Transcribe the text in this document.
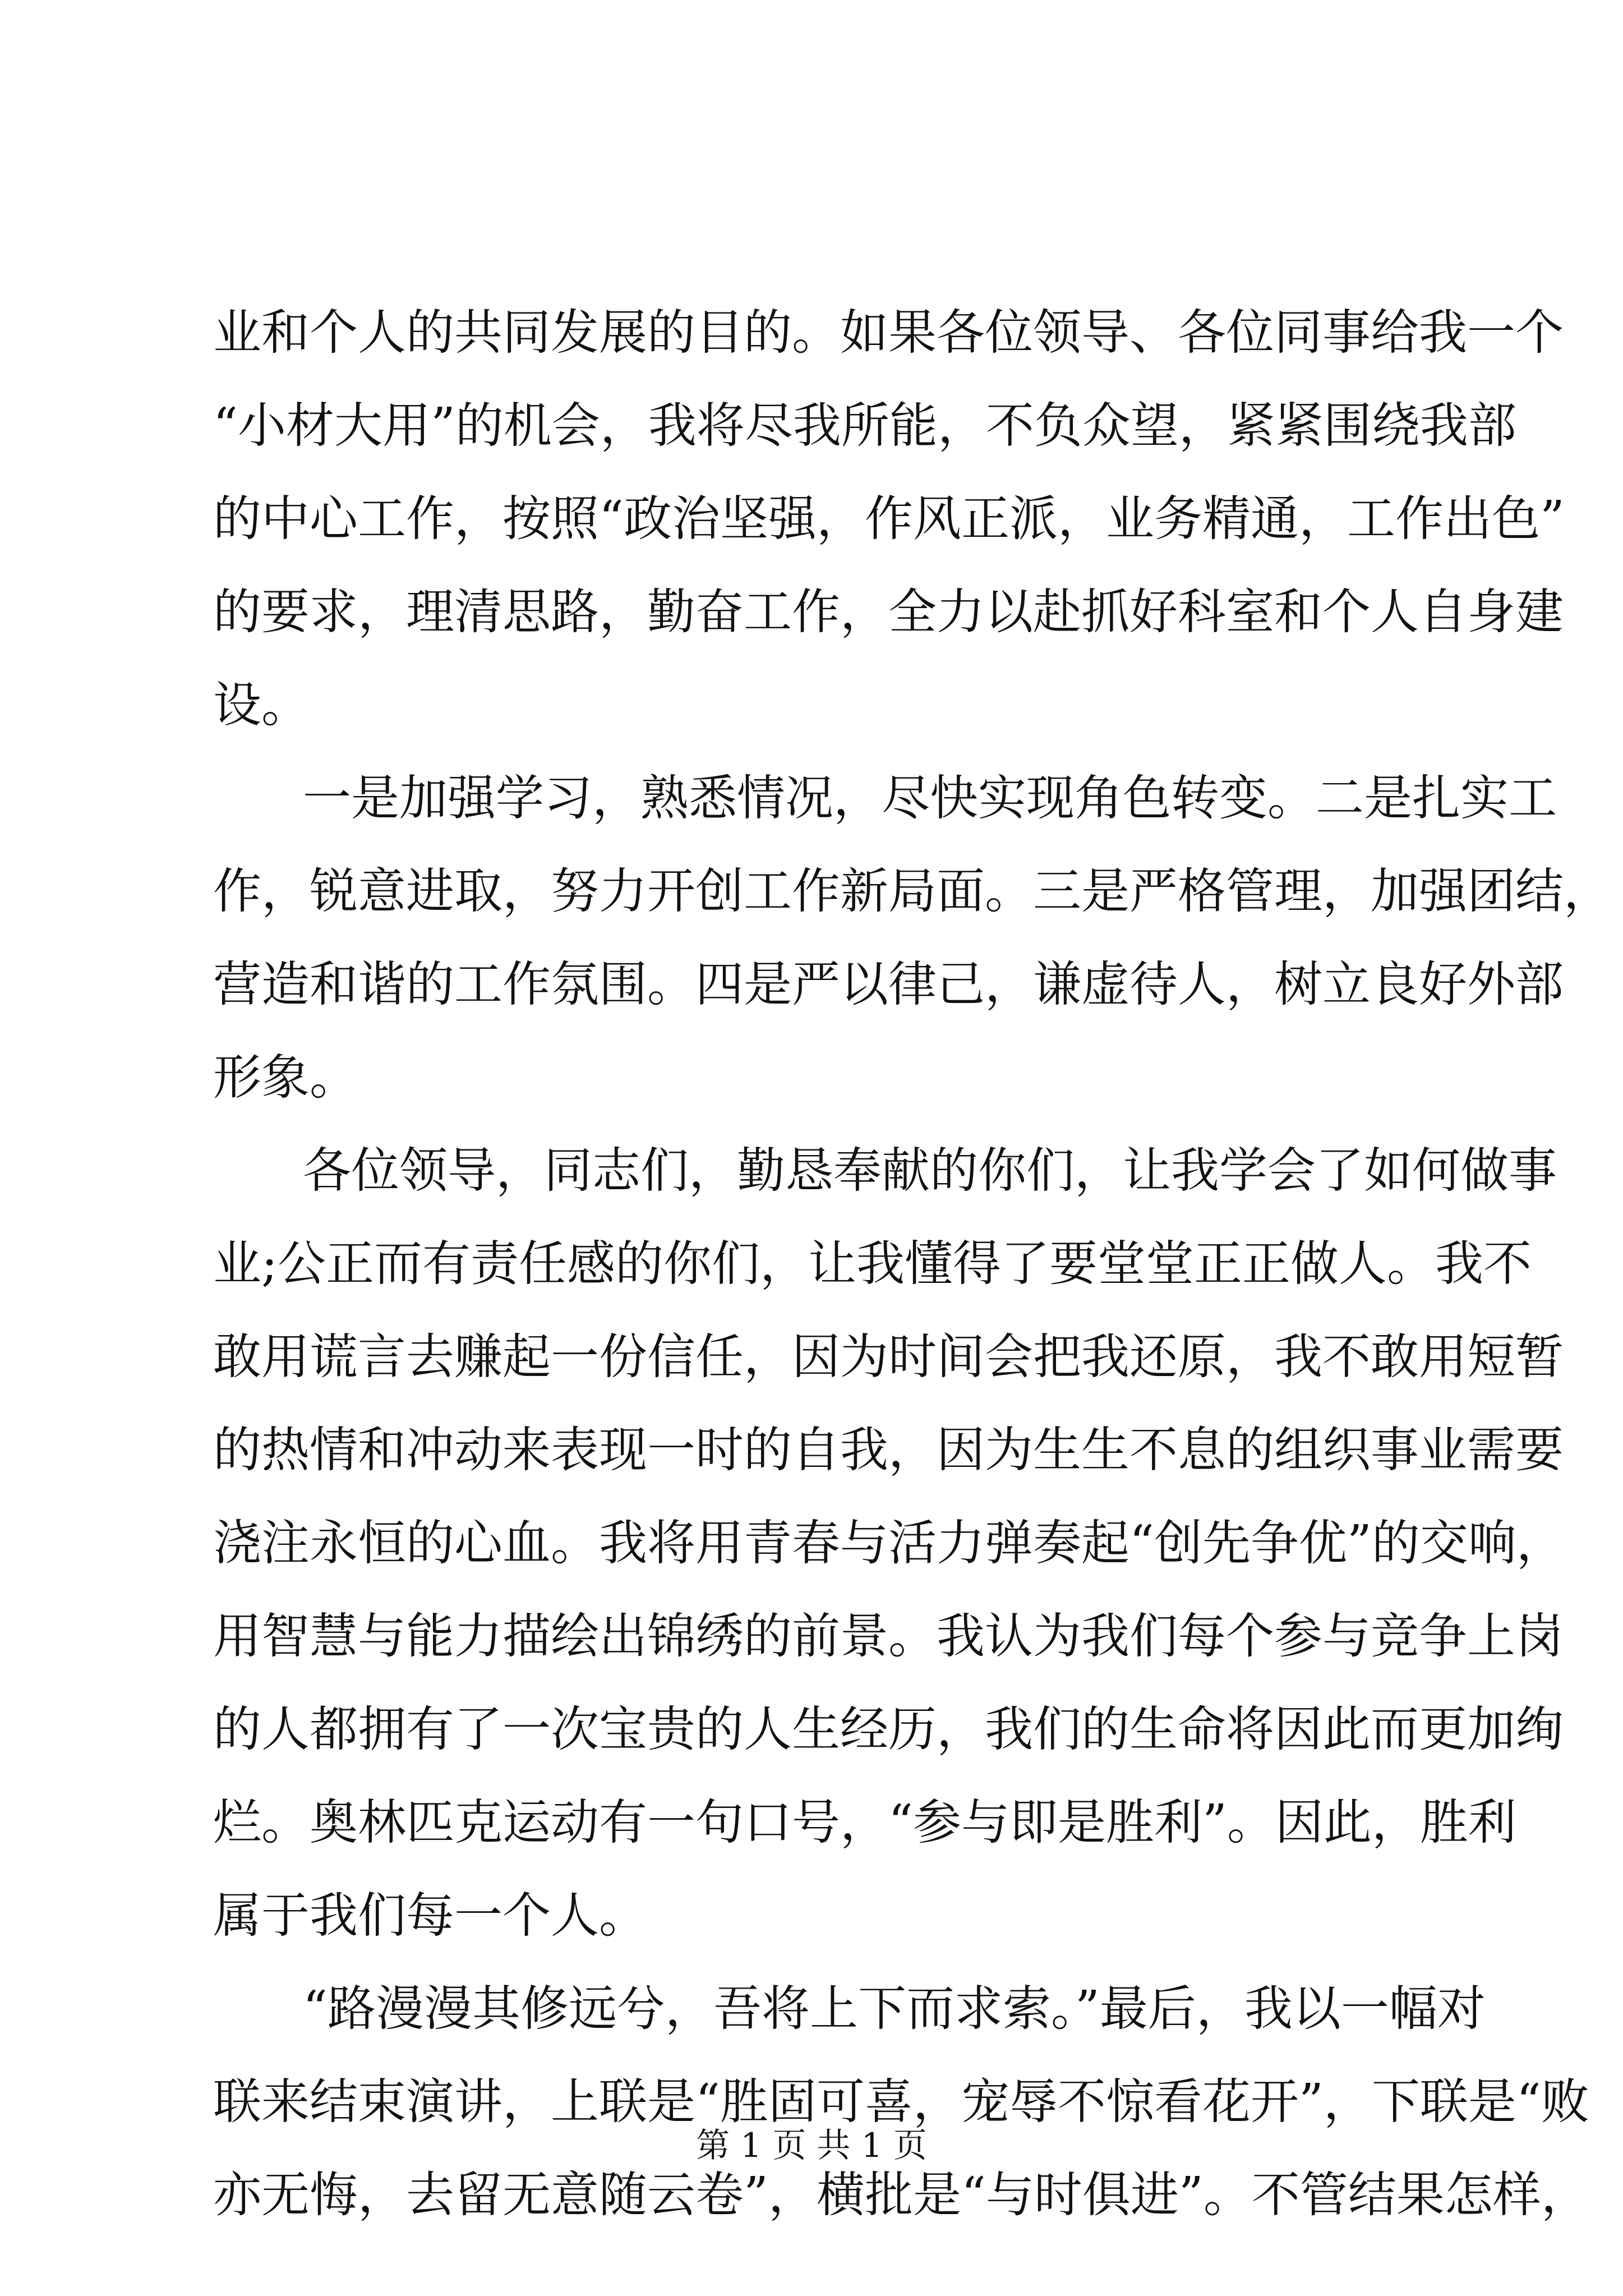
业和个人的共同发展的目的。如果各位领导、各位同事给我一个
“小材大用”的机会，我将尽我所能，不负众望，紧紧围绕我部
的中心工作，按照“政治坚强，作风正派，业务精通，工作出色”
的要求，理清思路，勤奋工作，全力以赴抓好科室和个人自身建
设。
一是加强学习，熟悉情况，尽快实现角色转变。二是扎实工
作，锐意进取，努力开创工作新局面。三是严格管理，加强团结，
营造和谐的工作氛围。四是严以律己，谦虚待人，树立良好外部
形象。
各位领导，同志们，勤恳奉献的你们，让我学会了如何做事
业;公正而有责任感的你们，让我懂得了要堂堂正正做人。我不
敢用谎言去赚起一份信任，因为时间会把我还原，我不敢用短暂
的热情和冲动来表现一时的自我，因为生生不息的组织事业需要
浇注永恒的心血。我将用青春与活力弹奏起“创先争优”的交响，
用智慧与能力描绘出锦绣的前景。我认为我们每个参与竞争上岗
的人都拥有了一次宝贵的人生经历，我们的生命将因此而更加绚
烂。奥林匹克运动有一句口号，“参与即是胜利”。因此，胜利
属于我们每一个人。
“路漫漫其修远兮，吾将上下而求索。”最后，我以一幅对
联来结束演讲，上联是“胜固可喜，宠辱不惊看花开”，下联是“败
亦无悔，去留无意随云卷”，横批是“与时俱进”。不管结果怎样，
第 1 页 共 1 页
